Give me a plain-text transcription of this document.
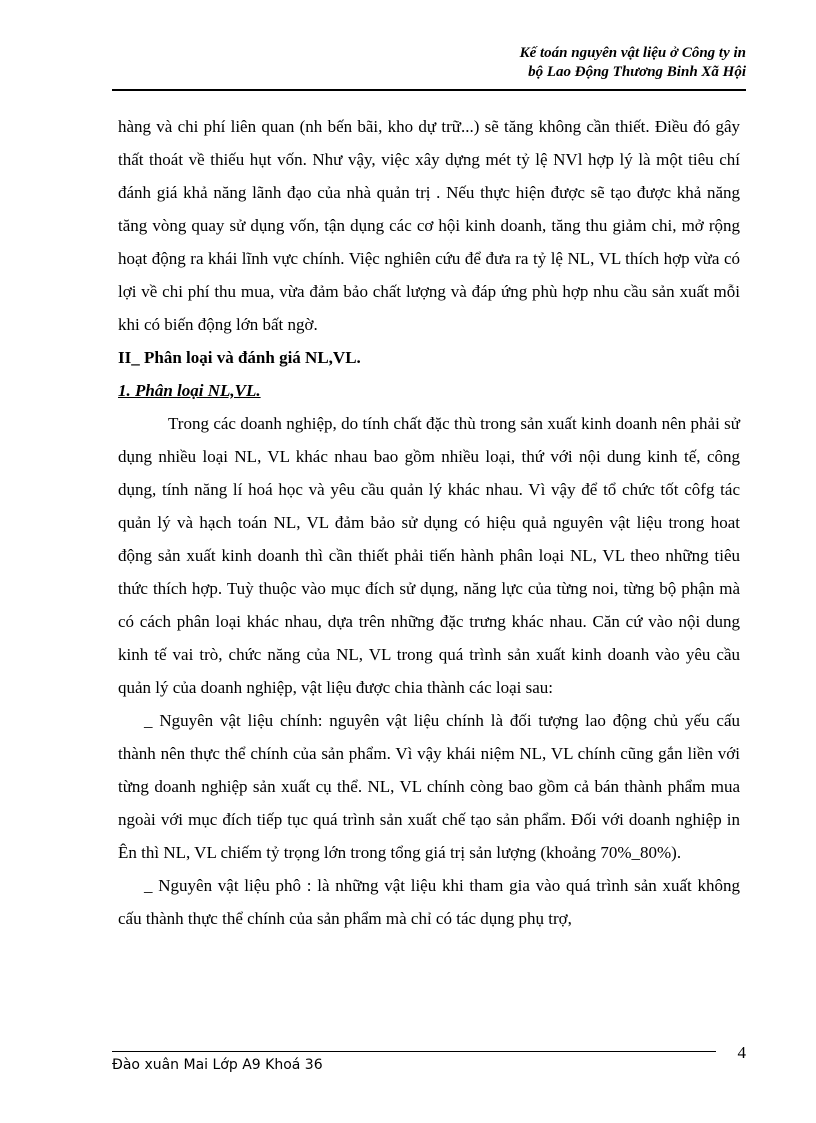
Kế toán nguyên vật liệu ở Công ty in
bộ Lao Động Thương Binh Xã Hội

hàng và chi phí liên quan (nh bến bãi, kho dự trữ...) sẽ tăng không cần thiết. Điều đó gây thất thoát về thiếu hụt vốn. Như vậy, việc xây dựng mét tỷ lệ NVl hợp lý là một tiêu chí đánh giá khả năng lãnh đạo của nhà quản trị . Nếu thực hiện được sẽ tạo được khả năng tăng vòng quay sử dụng vốn, tận dụng các cơ hội kinh doanh, tăng thu giảm chi, mở rộng hoạt động ra khái lĩnh vực chính. Việc nghiên cứu để đưa ra tỷ lệ NL, VL thích hợp vừa có lợi về chi phí thu mua, vừa đảm bảo chất lượng và đáp ứng phù hợp nhu cầu sản xuất mỗi khi có biến động lớn bất ngờ.

II_ Phân loại và đánh giá NL,VL.

1. Phân loại NL,VL.

Trong các doanh nghiệp, do tính chất đặc thù trong sản xuất kinh doanh nên phải sử dụng nhiều loại NL, VL khác nhau bao gồm nhiều loại, thứ với nội dung kinh tế, công dụng, tính năng lí hoá học và yêu cầu quản lý khác nhau. Vì vậy để tổ chức tốt côfg tác quản lý và hạch toán NL, VL đảm bảo sử dụng có hiệu quả nguyên vật liệu trong hoat động sản xuất kinh doanh thì cần thiết phải tiến hành phân loại NL, VL theo những tiêu thức thích hợp. Tuỳ thuộc vào mục đích sử dụng, năng lực của từng noi, từng bộ phận mà có cách phân loại khác nhau, dựa trên những đặc trưng khác nhau. Căn cứ vào nội dung kinh tế vai trò, chức năng của NL, VL trong quá trình sản xuất kinh doanh vào yêu cầu quản lý của doanh nghiệp, vật liệu được chia thành các loại sau:

_ Nguyên vật liệu chính: nguyên vật liệu chính là đối tượng lao động chủ yếu cấu thành nên thực thể chính của sản phẩm. Vì vậy khái niệm NL, VL chính cũng gắn liền với từng doanh nghiệp sản xuất cụ thể. NL, VL chính còng bao gồm cả bán thành phẩm mua ngoài với mục đích tiếp tục quá trình sản xuất chế tạo sản phẩm. Đối với doanh nghiệp in Ên thì NL, VL chiếm tỷ trọng lớn trong tổng giá trị sản lượng (khoảng 70%_80%).

_ Nguyên vật liệu phô : là những vật liệu khi tham gia vào quá trình sản xuất không cấu thành thực thể chính của sản phẩm mà chỉ có tác dụng phụ trợ,

Đào xuân Mai Lớp A9 Khoá 36
4
